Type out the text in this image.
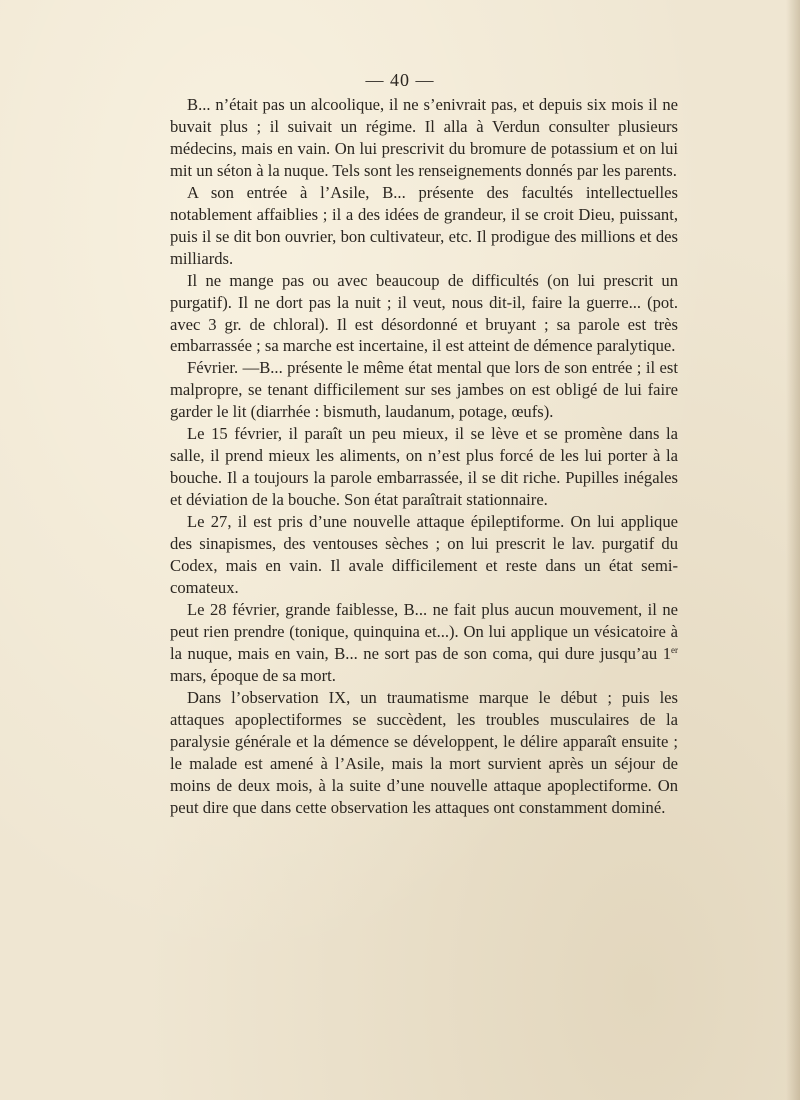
— 40 —

B... n’était pas un alcoolique, il ne s’enivrait pas, et depuis six mois il ne buvait plus ; il suivait un régime. Il alla à Verdun consulter plusieurs médecins, mais en vain. On lui prescrivit du bromure de potassium et on lui mit un séton à la nuque. Tels sont les renseignements donnés par les parents.

A son entrée à l’Asile, B... présente des facultés intellectuelles notablement affaiblies ; il a des idées de grandeur, il se croit Dieu, puissant, puis il se dit bon ouvrier, bon cultivateur, etc. Il prodigue des millions et des milliards.

Il ne mange pas ou avec beaucoup de difficultés (on lui prescrit un purgatif). Il ne dort pas la nuit ; il veut, nous dit-il, faire la guerre... (pot. avec 3 gr. de chloral). Il est désordonné et bruyant ; sa parole est très embarrassée ; sa marche est incertaine, il est atteint de démence paralytique.

Février. —B... présente le même état mental que lors de son entrée ; il est malpropre, se tenant difficilement sur ses jambes on est obligé de lui faire garder le lit (diarrhée : bismuth, laudanum, potage, œufs).

Le 15 février, il paraît un peu mieux, il se lève et se promène dans la salle, il prend mieux les aliments, on n’est plus forcé de les lui porter à la bouche. Il a toujours la parole embarrassée, il se dit riche. Pupilles inégales et déviation de la bouche. Son état paraîtrait stationnaire.

Le 27, il est pris d’une nouvelle attaque épileptiforme. On lui applique des sinapismes, des ventouses sèches ; on lui prescrit le lav. purgatif du Codex, mais en vain. Il avale difficilement et reste dans un état semi-comateux.

Le 28 février, grande faiblesse, B... ne fait plus aucun mouvement, il ne peut rien prendre (tonique, quinquina et...). On lui applique un vésicatoire à la nuque, mais en vain, B... ne sort pas de son coma, qui dure jusqu’au 1er mars, époque de sa mort.

Dans l’observation IX, un traumatisme marque le début ; puis les attaques apoplectiformes se succèdent, les troubles musculaires de la paralysie générale et la démence se développent, le délire apparaît ensuite ; le malade est amené à l’Asile, mais la mort survient après un séjour de moins de deux mois, à la suite d’une nouvelle attaque apoplectiforme. On peut dire que dans cette observation les attaques ont constamment dominé.
